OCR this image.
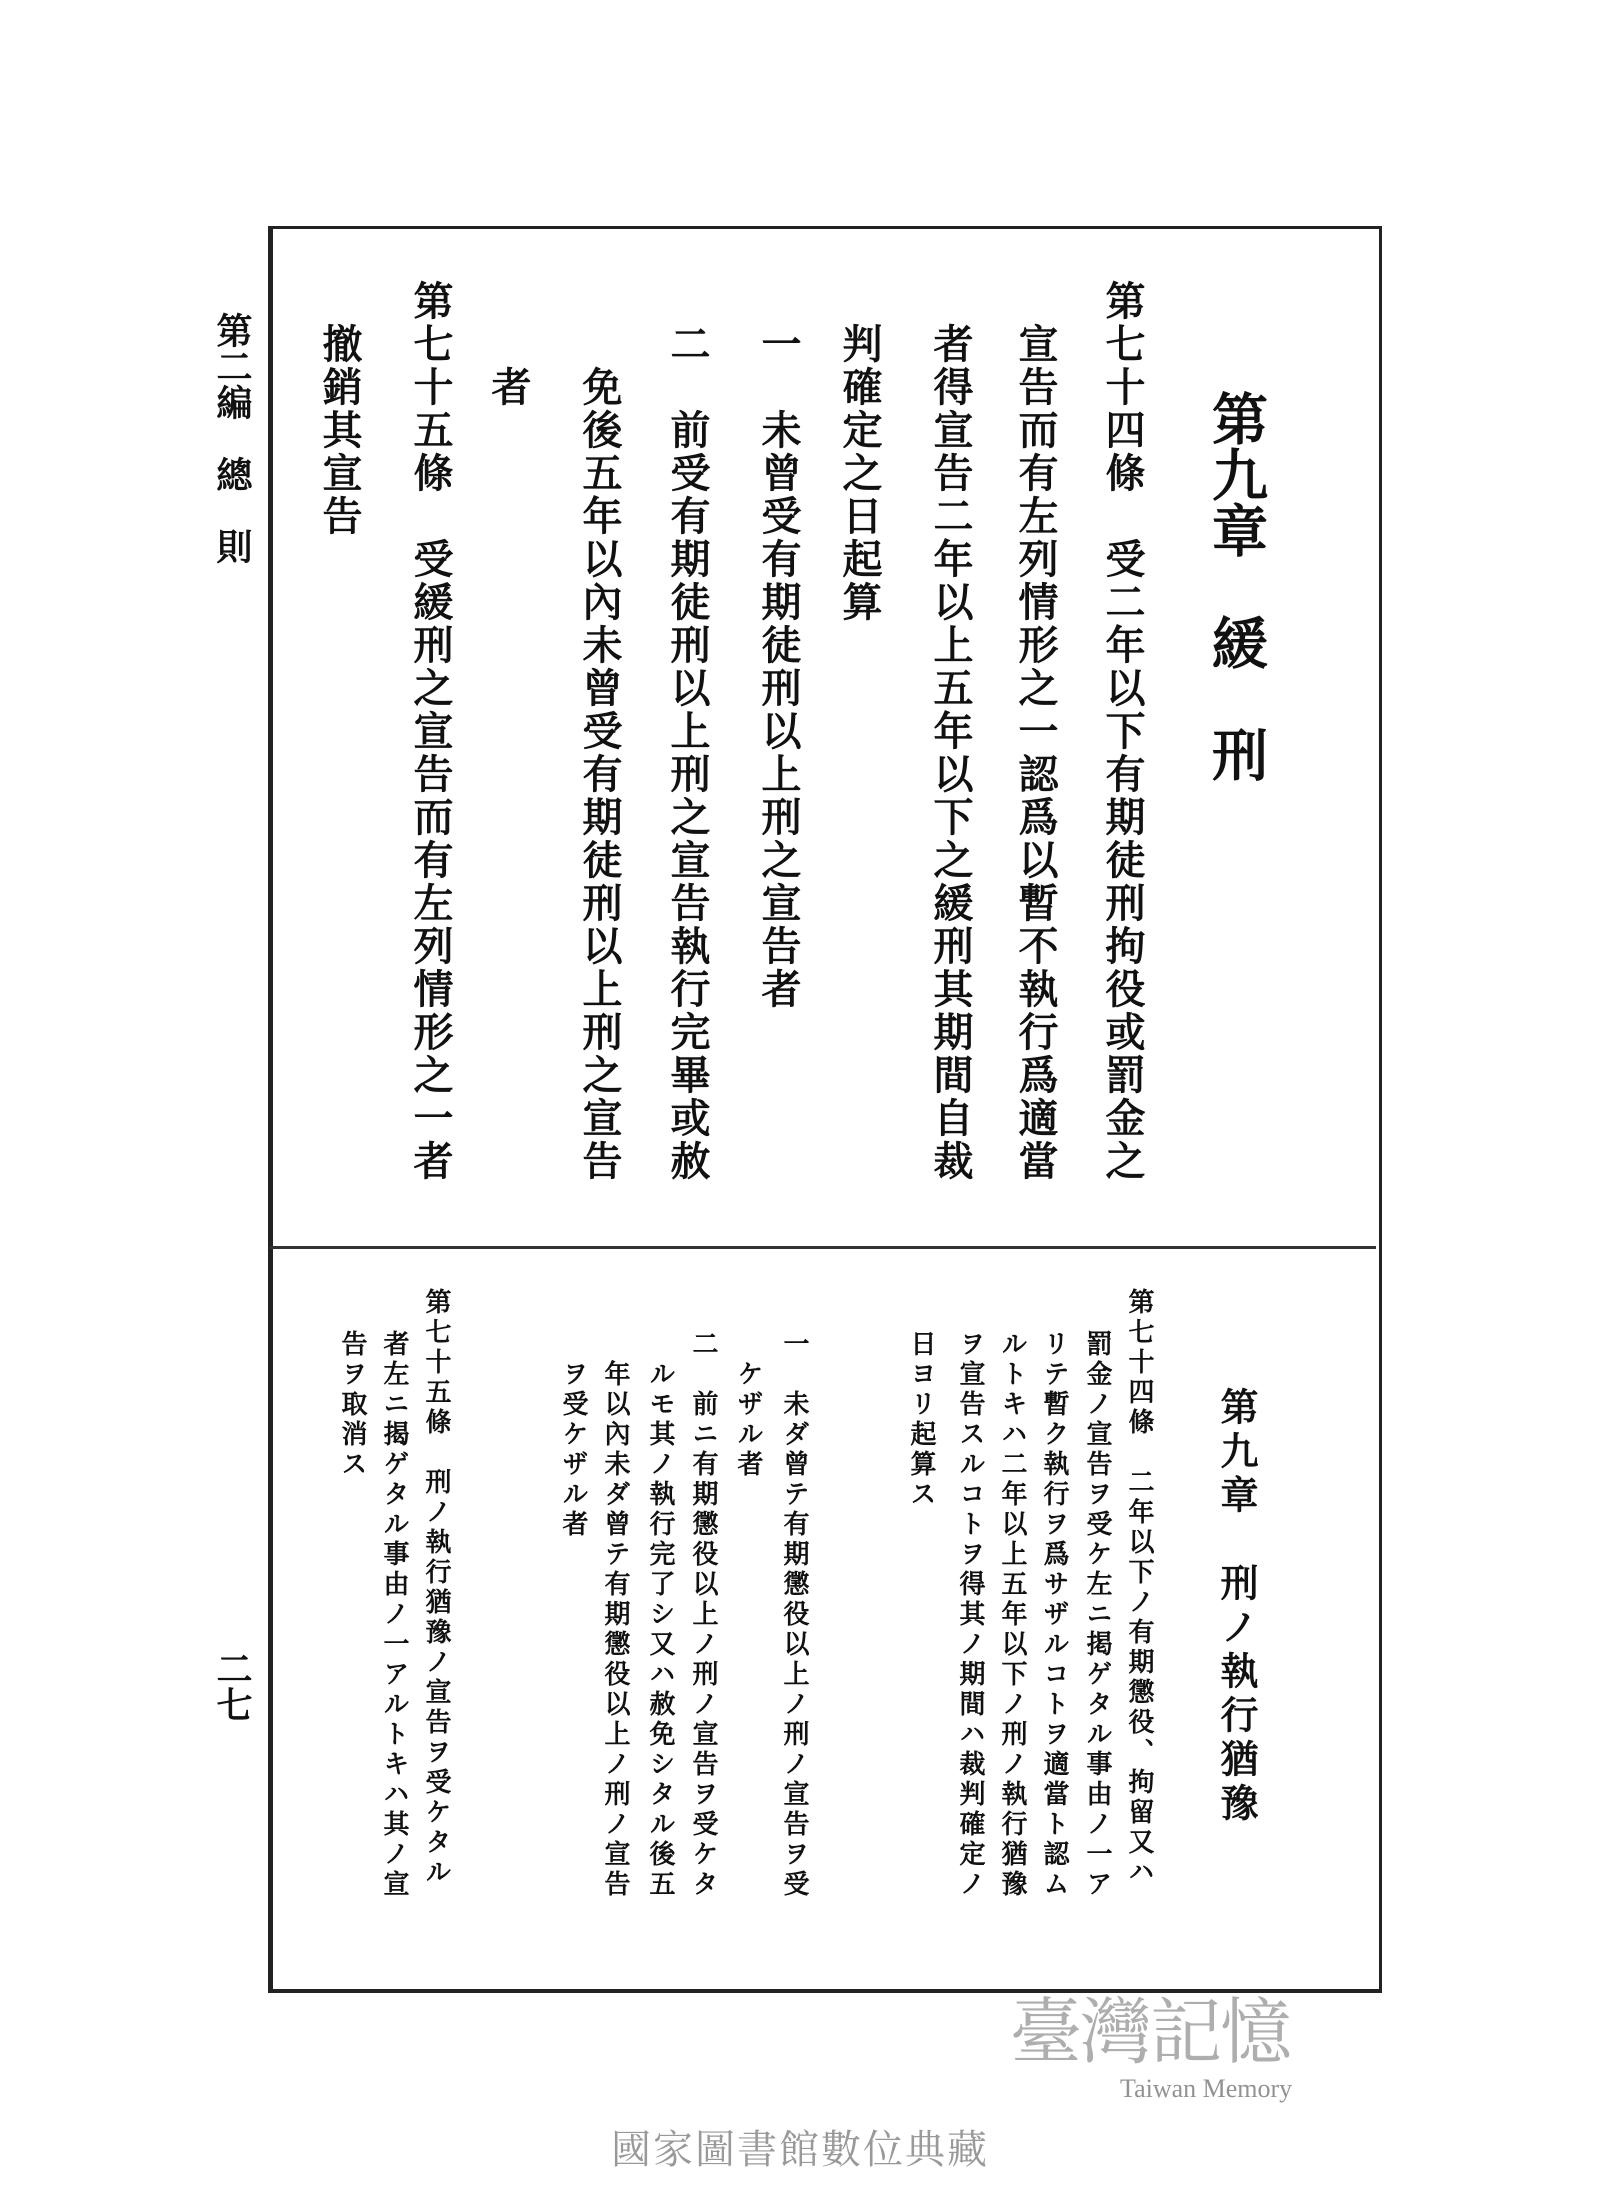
第二編　總　則
二七
第九章　緩　刑
第七十四條　受二年以下有期徒刑拘役或罰金之
宣告而有左列情形之一認爲以暫不執行爲適當
者得宣告二年以上五年以下之緩刑其期間自裁
判確定之日起算
一　未曾受有期徒刑以上刑之宣告者
二　前受有期徒刑以上刑之宣告執行完畢或赦
免後五年以內未曾受有期徒刑以上刑之宣告
者
第七十五條　受緩刑之宣告而有左列情形之一者
撤銷其宣告
第九章　刑ノ執行猶豫
第七十四條　二年以下ノ有期懲役、拘留又ハ
罰金ノ宣告ヲ受ケ左ニ掲ゲタル事由ノ一ア
リテ暫ク執行ヲ爲サザルコトヲ適當ト認ム
ルトキハ二年以上五年以下ノ刑ノ執行猶豫
ヲ宣告スルコトヲ得其ノ期間ハ裁判確定ノ
日ヨリ起算ス
一　未ダ曾テ有期懲役以上ノ刑ノ宣告ヲ受
ケザル者
二　前ニ有期懲役以上ノ刑ノ宣告ヲ受ケタ
ルモ其ノ執行完了シ又ハ赦免シタル後五
年以內未ダ曾テ有期懲役以上ノ刑ノ宣告
ヲ受ケザル者
第七十五條　刑ノ執行猶豫ノ宣告ヲ受ケタル
者左ニ揭ゲタル事由ノ一アルトキハ其ノ宣
告ヲ取消ス
臺灣記憶
Taiwan Memory
國家圖書館數位典藏
